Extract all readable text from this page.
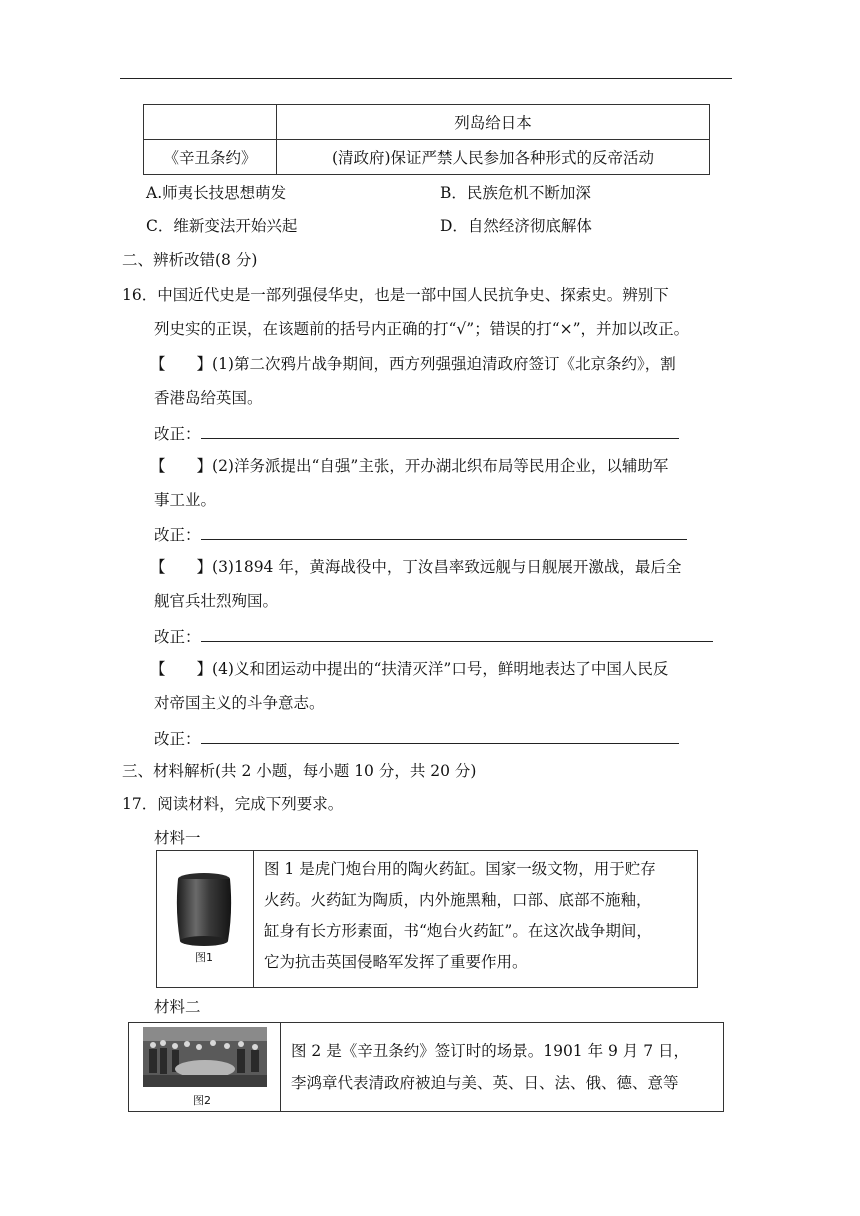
	列岛给日本
《辛丑条约》	(清政府)保证严禁人民参加各种形式的反帝活动
A.师夷长技思想萌发	B．民族危机不断加深
C．维新变法开始兴起	D．自然经济彻底解体
二、辨析改错(8 分)
16．中国近代史是一部列强侵华史，也是一部中国人民抗争史、探索史。辨别下
列史实的正误，在该题前的括号内正确的打“√”；错误的打“×”，并加以改正。
【　　】(1)第二次鸦片战争期间，西方列强强迫清政府签订《北京条约》，割
香港岛给英国。
改正：
【　　】(2)洋务派提出“自强”主张，开办湖北织布局等民用企业，以辅助军
事工业。
改正：
【　　】(3)1894 年，黄海战役中，丁汝昌率致远舰与日舰展开激战，最后全
舰官兵壮烈殉国。
改正：
【　　】(4)义和团运动中提出的“扶清灭洋”口号，鲜明地表达了中国人民反
对帝国主义的斗争意志。
改正：
三、材料解析(共 2 小题，每小题 10 分，共 20 分)
17．阅读材料，完成下列要求。
材料一
图1
图 1 是虎门炮台用的陶火药缸。国家一级文物，用于贮存
火药。火药缸为陶质，内外施黑釉，口部、底部不施釉，
缸身有长方形素面，书“炮台火药缸”。在这次战争期间，
它为抗击英国侵略军发挥了重要作用。
材料二
图2
图 2 是《辛丑条约》签订时的场景。1901 年 9 月 7 日，
李鸿章代表清政府被迫与美、英、日、法、俄、德、意等
